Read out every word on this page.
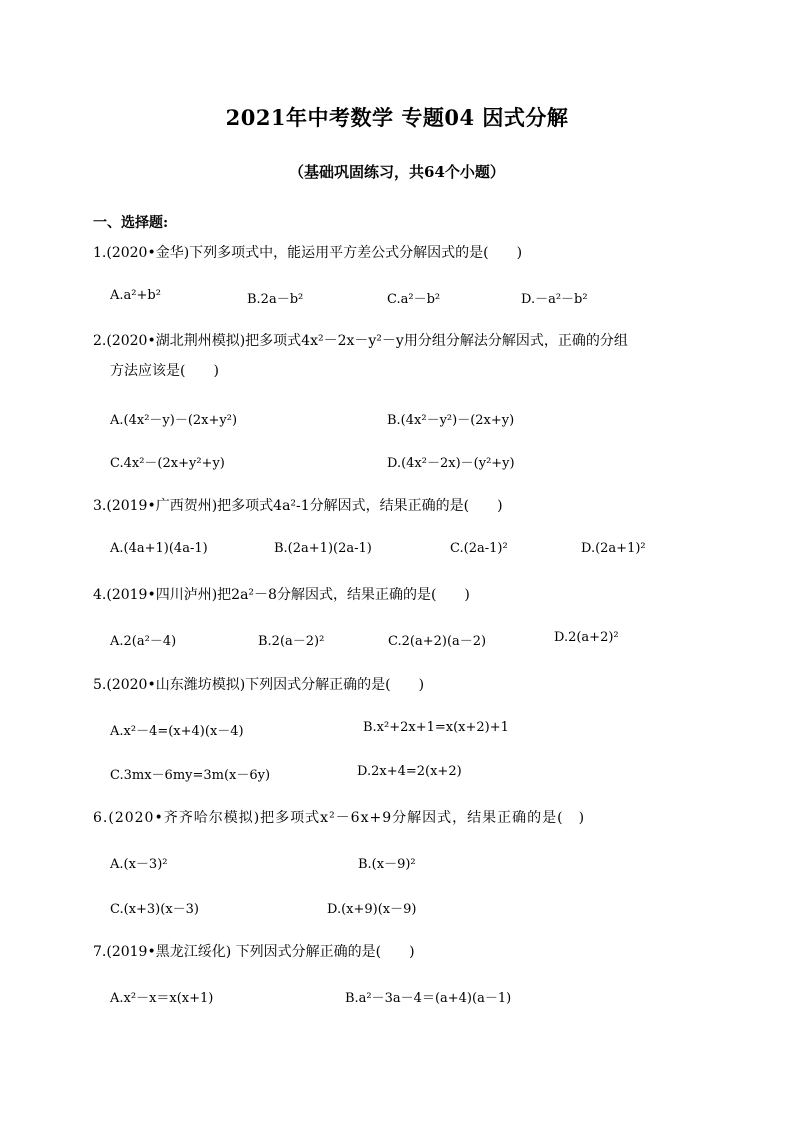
2021年中考数学 专题04 因式分解
（基础巩固练习，共64个小题）
一、选择题:
1.(2020•金华)下列多项式中，能运用平方差公式分解因式的是(　　)
A.a²+b²	B.2a－b²	C.a²－b²	D.－a²－b²
2.(2020•湖北荆州模拟)把多项式4x²－2x－y²－y用分组分解法分解因式，正确的分组
方法应该是(　　)
A.(4x²－y)－(2x+y²)	B.(4x²－y²)－(2x+y)
C.4x²－(2x+y²+y)	D.(4x²－2x)－(y²+y)
3.(2019•广西贺州)把多项式4a²-1分解因式，结果正确的是(　　)
A.(4a+1)(4a-1)	B.(2a+1)(2a-1)	C.(2a-1)²	D.(2a+1)²
4.(2019•四川泸州)把2a²－8分解因式，结果正确的是(　　)
A.2(a²－4)	B.2(a－2)²	C.2(a+2)(a－2)	D.2(a+2)²
5.(2020•山东潍坊模拟)下列因式分解正确的是(　　)
A.x²－4=(x+4)(x－4)	B.x²+2x+1=x(x+2)+1
C.3mx－6my=3m(x－6y)	D.2x+4=2(x+2)
6.(2020•齐齐哈尔模拟)把多项式x²－6x+9分解因式，结果正确的是(　)
A.(x－3)²	B.(x－9)²
C.(x+3)(x－3)	D.(x+9)(x－9)
7.(2019•黑龙江绥化) 下列因式分解正确的是(　　)
A.x²－x＝x(x+1)	B.a²－3a－4＝(a+4)(a－1)
